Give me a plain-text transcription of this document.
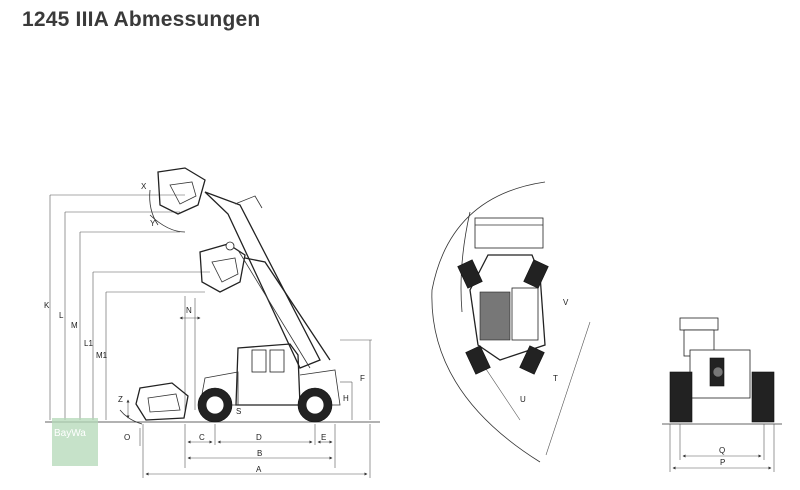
1245 IIIA Abmessungen
X
Y
K
L
M
L1
M1
N
Z
O
S
F
H
C	D	E
B
A
V
T
U
Q
P
BayWa
